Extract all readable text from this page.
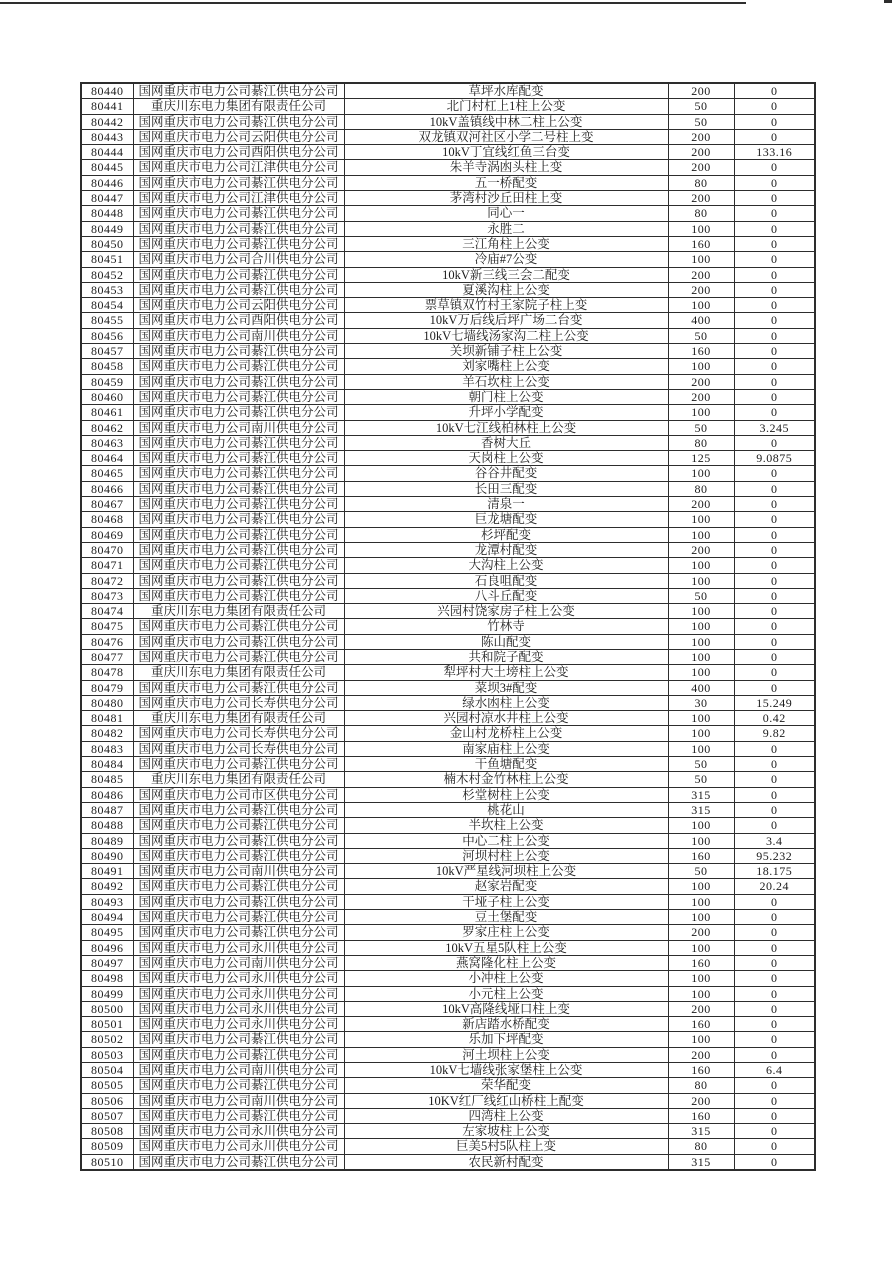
80440	国网重庆市电力公司綦江供电分公司	草坪水库配变	200	0
80441	重庆川东电力集团有限责任公司	北门村杠上1柱上公变	50	0
80442	国网重庆市电力公司綦江供电分公司	10kV盖镇线中林二柱上公变	50	0
80443	国网重庆市电力公司云阳供电分公司	双龙镇双河社区小学二号柱上变	200	0
80444	国网重庆市电力公司酉阳供电分公司	10kV丁宜线红鱼三台变	200	133.16
80445	国网重庆市电力公司江津供电分公司	朱羊寺涡凼头柱上变	200	0
80446	国网重庆市电力公司綦江供电分公司	五一桥配变	80	0
80447	国网重庆市电力公司江津供电分公司	茅湾村沙丘田柱上变	200	0
80448	国网重庆市电力公司綦江供电分公司	同心一	80	0
80449	国网重庆市电力公司綦江供电分公司	永胜二	100	0
80450	国网重庆市电力公司綦江供电分公司	三江角柱上公变	160	0
80451	国网重庆市电力公司合川供电分公司	冷庙#7公变	100	0
80452	国网重庆市电力公司綦江供电分公司	10kV新三线三会二配变	200	0
80453	国网重庆市电力公司綦江供电分公司	夏溪沟柱上公变	200	0
80454	国网重庆市电力公司云阳供电分公司	票草镇双竹村王家院子柱上变	100	0
80455	国网重庆市电力公司酉阳供电分公司	10kV万后线后坪广场二台变	400	0
80456	国网重庆市电力公司南川供电分公司	10kV七墙线汤家沟二柱上公变	50	0
80457	国网重庆市电力公司綦江供电分公司	关坝新铺子柱上公变	160	0
80458	国网重庆市电力公司綦江供电分公司	刘家嘴柱上公变	100	0
80459	国网重庆市电力公司綦江供电分公司	羊石坎柱上公变	200	0
80460	国网重庆市电力公司綦江供电分公司	朝门柱上公变	200	0
80461	国网重庆市电力公司綦江供电分公司	升坪小学配变	100	0
80462	国网重庆市电力公司南川供电分公司	10kV七江线柏林柱上公变	50	3.245
80463	国网重庆市电力公司綦江供电分公司	香树大丘	80	0
80464	国网重庆市电力公司綦江供电分公司	天岗柱上公变	125	9.0875
80465	国网重庆市电力公司綦江供电分公司	谷谷井配变	100	0
80466	国网重庆市电力公司綦江供电分公司	长田三配变	80	0
80467	国网重庆市电力公司綦江供电分公司	清泉一	200	0
80468	国网重庆市电力公司綦江供电分公司	巨龙塘配变	100	0
80469	国网重庆市电力公司綦江供电分公司	杉坪配变	100	0
80470	国网重庆市电力公司綦江供电分公司	龙潭村配变	200	0
80471	国网重庆市电力公司綦江供电分公司	大沟柱上公变	100	0
80472	国网重庆市电力公司綦江供电分公司	石良咀配变	100	0
80473	国网重庆市电力公司綦江供电分公司	八斗丘配变	50	0
80474	重庆川东电力集团有限责任公司	兴园村饶家房子柱上公变	100	0
80475	国网重庆市电力公司綦江供电分公司	竹林寺	100	0
80476	国网重庆市电力公司綦江供电分公司	陈山配变	100	0
80477	国网重庆市电力公司綦江供电分公司	共和院子配变	100	0
80478	重庆川东电力集团有限责任公司	犁坪村大土塝柱上公变	100	0
80479	国网重庆市电力公司綦江供电分公司	菜坝3#配变	400	0
80480	国网重庆市电力公司长寿供电分公司	绿水凼柱上公变	30	15.249
80481	重庆川东电力集团有限责任公司	兴园村凉水井柱上公变	100	0.42
80482	国网重庆市电力公司长寿供电分公司	金山村龙桥柱上公变	100	9.82
80483	国网重庆市电力公司长寿供电分公司	南家庙柱上公变	100	0
80484	国网重庆市电力公司綦江供电分公司	干鱼塘配变	50	0
80485	重庆川东电力集团有限责任公司	楠木村金竹林柱上公变	50	0
80486	国网重庆市电力公司市区供电分公司	杉堂树柱上公变	315	0
80487	国网重庆市电力公司綦江供电分公司	桃花山	315	0
80488	国网重庆市电力公司綦江供电分公司	半坎柱上公变	100	0
80489	国网重庆市电力公司綦江供电分公司	中心二柱上公变	100	3.4
80490	国网重庆市电力公司綦江供电分公司	河坝村柱上公变	160	95.232
80491	国网重庆市电力公司南川供电分公司	10kV严星线河坝柱上公变	50	18.175
80492	国网重庆市电力公司綦江供电分公司	赵家岩配变	100	20.24
80493	国网重庆市电力公司綦江供电分公司	干垭子柱上公变	100	0
80494	国网重庆市电力公司綦江供电分公司	豆土堡配变	100	0
80495	国网重庆市电力公司綦江供电分公司	罗家庄柱上公变	200	0
80496	国网重庆市电力公司永川供电分公司	10kV五星5队柱上公变	100	0
80497	国网重庆市电力公司南川供电分公司	燕窝隆化柱上公变	160	0
80498	国网重庆市电力公司永川供电分公司	小冲柱上公变	100	0
80499	国网重庆市电力公司永川供电分公司	小元柱上公变	100	0
80500	国网重庆市电力公司永川供电分公司	10kV高隆线垭口柱上变	200	0
80501	国网重庆市电力公司永川供电分公司	新店踏水桥配变	160	0
80502	国网重庆市电力公司綦江供电分公司	乐加下坪配变	100	0
80503	国网重庆市电力公司綦江供电分公司	河土坝柱上公变	200	0
80504	国网重庆市电力公司南川供电分公司	10kV七墙线张家堡柱上公变	160	6.4
80505	国网重庆市电力公司綦江供电分公司	荣华配变	80	0
80506	国网重庆市电力公司南川供电分公司	10KV红厂线红山桥柱上配变	200	0
80507	国网重庆市电力公司綦江供电分公司	四湾柱上公变	160	0
80508	国网重庆市电力公司永川供电分公司	左家坡柱上公变	315	0
80509	国网重庆市电力公司永川供电分公司	巨美5村5队柱上变	80	0
80510	国网重庆市电力公司綦江供电分公司	农民新村配变	315	0
